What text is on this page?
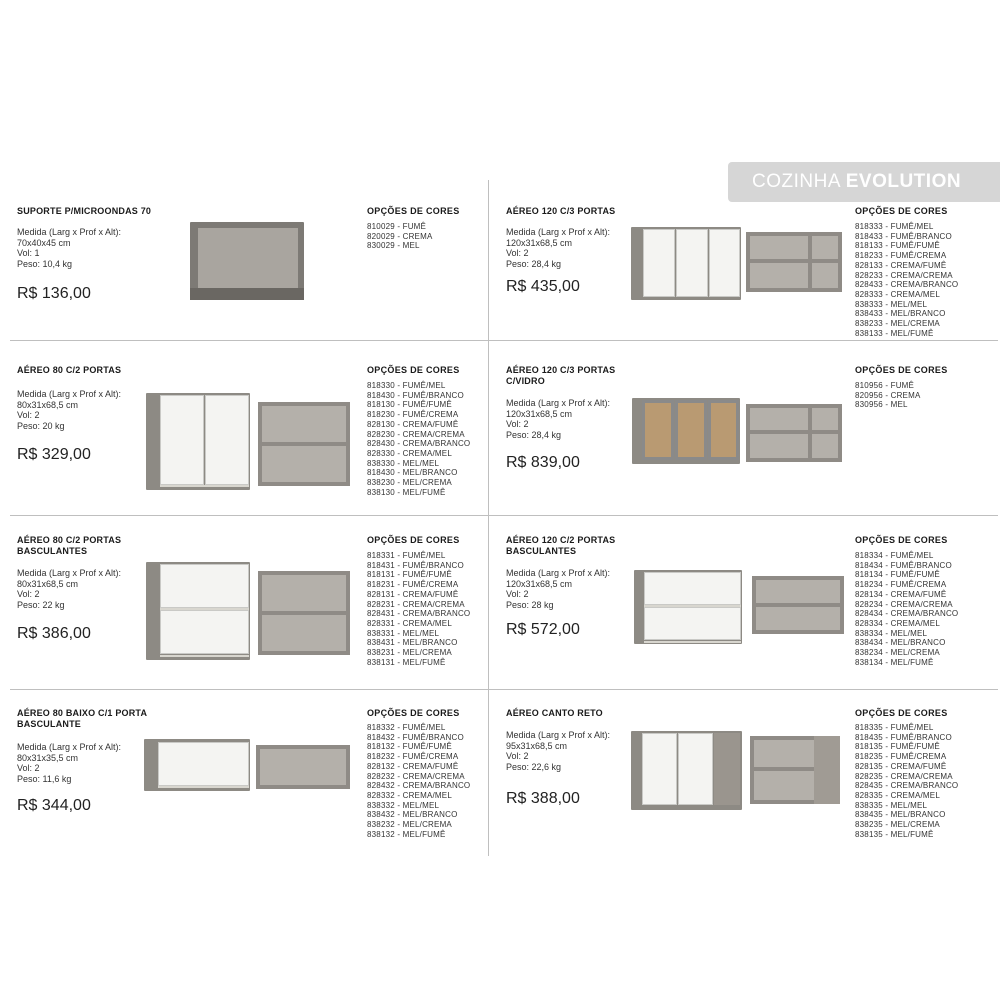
COZINHA EVOLUTION
SUPORTE P/MICROONDAS 70
Medida (Larg x Prof x Alt):
70x40x45 cm
Vol: 1
Peso: 10,4 kg
R$ 136,00
OPÇÕES DE CORES
810029 - FUMÊ
820029 - CREMA
830029 - MEL
AÉREO 120 C/3 PORTAS
Medida (Larg x Prof x Alt):
120x31x68,5 cm
Vol: 2
Peso: 28,4 kg
R$ 435,00
OPÇÕES DE CORES
818333 - FUMÊ/MEL
818433 - FUMÊ/BRANCO
818133 - FUMÊ/FUMÊ
818233 - FUMÊ/CREMA
828133 - CREMA/FUMÊ
828233 - CREMA/CREMA
828433 - CREMA/BRANCO
828333 - CREMA/MEL
838333 - MEL/MEL
838433 - MEL/BRANCO
838233 - MEL/CREMA
838133 - MEL/FUMÊ
AÉREO 80 C/2 PORTAS
Medida (Larg x Prof x Alt):
80x31x68,5 cm
Vol: 2
Peso: 20 kg
R$ 329,00
OPÇÕES DE CORES
818330 - FUMÊ/MEL
818430 - FUMÊ/BRANCO
818130 - FUMÊ/FUMÊ
818230 - FUMÊ/CREMA
828130 - CREMA/FUMÊ
828230 - CREMA/CREMA
828430 - CREMA/BRANCO
828330 - CREMA/MEL
838330 - MEL/MEL
818430 - MEL/BRANCO
838230 - MEL/CREMA
838130 - MEL/FUMÊ
AÉREO 120 C/3 PORTAS
C/VIDRO
Medida (Larg x Prof x Alt):
120x31x68,5 cm
Vol: 2
Peso: 28,4 kg
R$ 839,00
OPÇÕES DE CORES
810956 - FUMÊ
820956 - CREMA
830956 - MEL
AÉREO 80 C/2 PORTAS
BASCULANTES
Medida (Larg x Prof x Alt):
80x31x68,5 cm
Vol: 2
Peso: 22 kg
R$ 386,00
OPÇÕES DE CORES
818331 - FUMÊ/MEL
818431 - FUMÊ/BRANCO
818131 - FUMÊ/FUMÊ
818231 - FUMÊ/CREMA
828131 - CREMA/FUMÊ
828231 - CREMA/CREMA
828431 - CREMA/BRANCO
828331 - CREMA/MEL
838331 - MEL/MEL
838431 - MEL/BRANCO
838231 - MEL/CREMA
838131 - MEL/FUMÊ
AÉREO 120 C/2 PORTAS
BASCULANTES
Medida (Larg x Prof x Alt):
120x31x68,5 cm
Vol: 2
Peso: 28 kg
R$ 572,00
OPÇÕES DE CORES
818334 - FUMÊ/MEL
818434 - FUMÊ/BRANCO
818134 - FUMÊ/FUMÊ
818234 - FUMÊ/CREMA
828134 - CREMA/FUMÊ
828234 - CREMA/CREMA
828434 - CREMA/BRANCO
828334 - CREMA/MEL
838334 - MEL/MEL
838434 - MEL/BRANCO
838234 - MEL/CREMA
838134 - MEL/FUMÊ
AÉREO 80 BAIXO C/1 PORTA
BASCULANTE
Medida (Larg x Prof x Alt):
80x31x35,5 cm
Vol: 2
Peso: 11,6 kg
R$ 344,00
OPÇÕES DE CORES
818332 - FUMÊ/MEL
818432 - FUMÊ/BRANCO
818132 - FUMÊ/FUMÊ
818232 - FUMÊ/CREMA
828132 - CREMA/FUMÊ
828232 - CREMA/CREMA
828432 - CREMA/BRANCO
828332 - CREMA/MEL
838332 - MEL/MEL
838432 - MEL/BRANCO
838232 - MEL/CREMA
838132 - MEL/FUMÊ
AÉREO CANTO RETO
Medida (Larg x Prof x Alt):
95x31x68,5 cm
Vol: 2
Peso: 22,6 kg
R$ 388,00
OPÇÕES DE CORES
818335 - FUMÊ/MEL
818435 - FUMÊ/BRANCO
818135 - FUMÊ/FUMÊ
818235 - FUMÊ/CREMA
828135 - CREMA/FUMÊ
828235 - CREMA/CREMA
828435 - CREMA/BRANCO
828335 - CREMA/MEL
838335 - MEL/MEL
838435 - MEL/BRANCO
838235 - MEL/CREMA
838135 - MEL/FUMÊ
